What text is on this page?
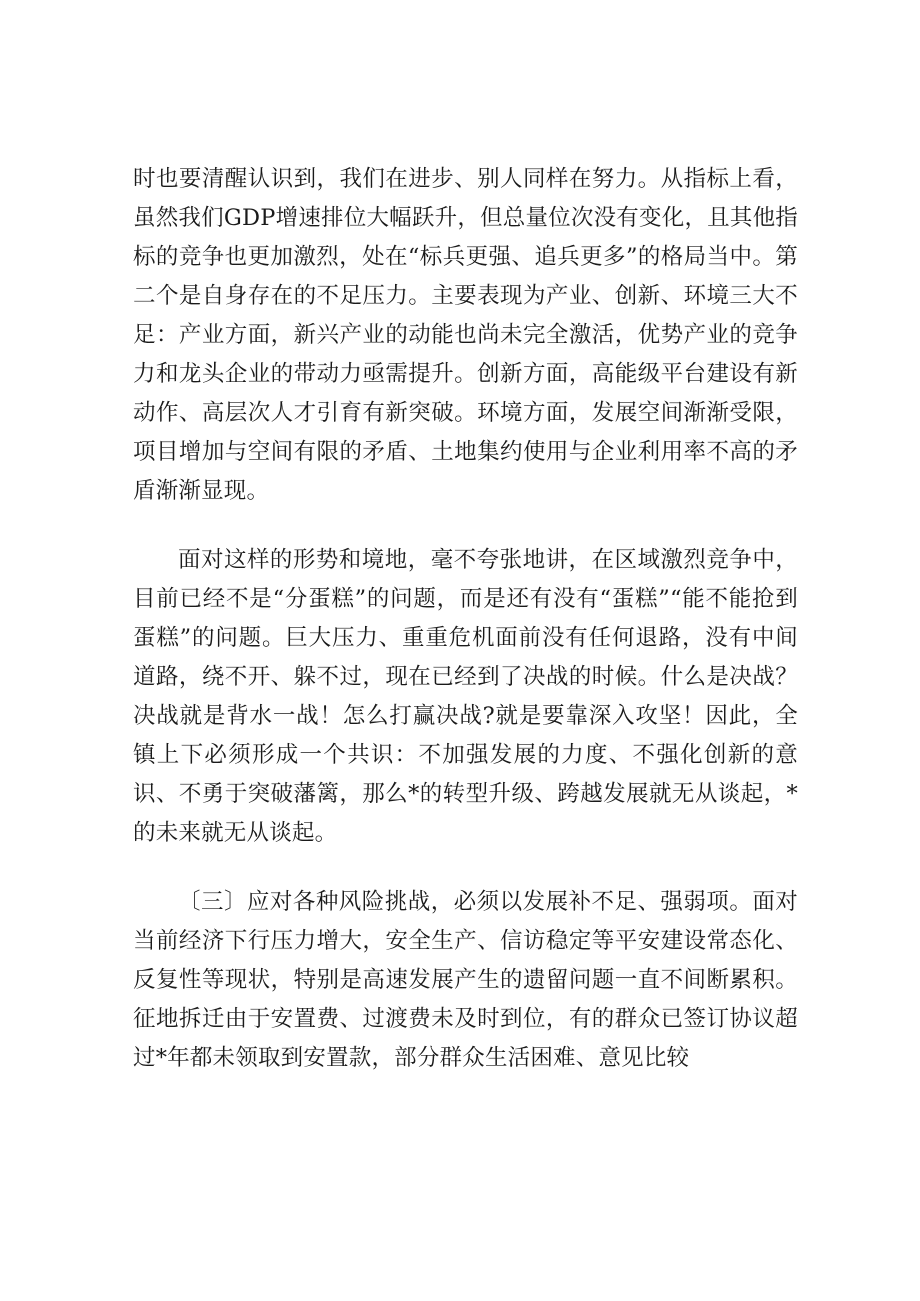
时也要清醒认识到，我们在进步、别人同样在努力。从指标上看，虽然我们GDP增速排位大幅跃升，但总量位次没有变化，且其他指标的竞争也更加激烈，处在“标兵更强、追兵更多”的格局当中。第二个是自身存在的不足压力。主要表现为产业、创新、环境三大不足：产业方面，新兴产业的动能也尚未完全激活，优势产业的竞争力和龙头企业的带动力亟需提升。创新方面，高能级平台建设有新动作、高层次人才引育有新突破。环境方面，发展空间渐渐受限，项目增加与空间有限的矛盾、土地集约使用与企业利用率不高的矛盾渐渐显现。

面对这样的形势和境地，毫不夸张地讲，在区域激烈竞争中，目前已经不是“分蛋糕”的问题，而是还有没有“蛋糕”“能不能抢到蛋糕”的问题。巨大压力、重重危机面前没有任何退路，没有中间道路，绕不开、躲不过，现在已经到了决战的时候。什么是决战？决战就是背水一战！怎么打赢决战?就是要靠深入攻坚！因此，全镇上下必须形成一个共识：不加强发展的力度、不强化创新的意识、不勇于突破藩篱，那么*的转型升级、跨越发展就无从谈起，*的未来就无从谈起。

〔三〕应对各种风险挑战，必须以发展补不足、强弱项。面对当前经济下行压力增大，安全生产、信访稳定等平安建设常态化、反复性等现状，特别是高速发展产生的遗留问题一直不间断累积。征地拆迁由于安置费、过渡费未及时到位，有的群众已签订协议超过*年都未领取到安置款，部分群众生活困难、意见比较
